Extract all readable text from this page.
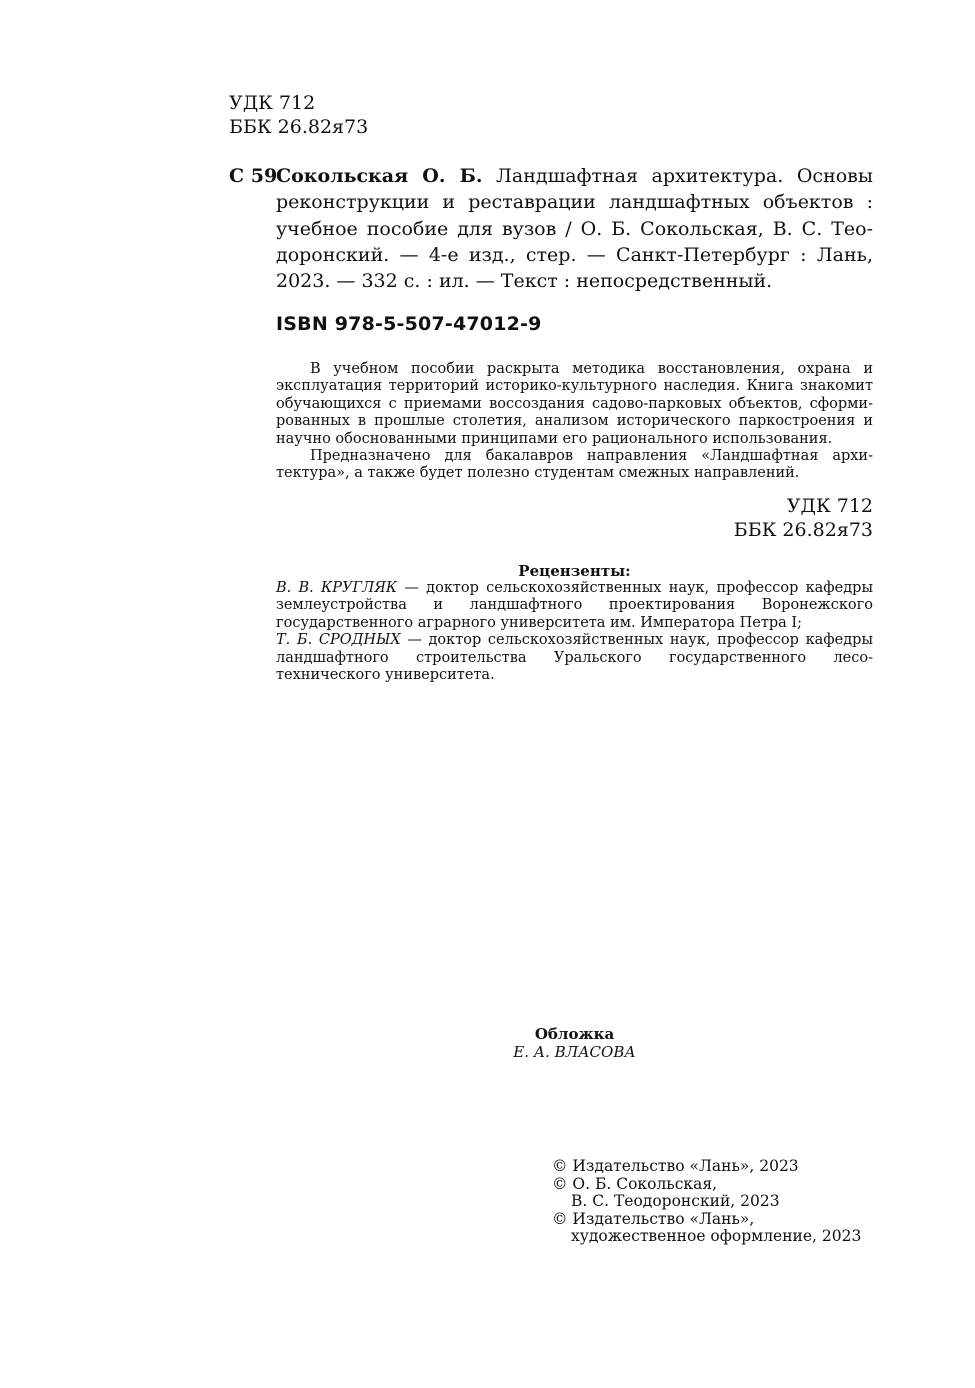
УДК 712
ББК 26.82я73
С 59
Сокольская О. Б. Ландшафтная архитектура. Основы
реконструкции и реставрации ландшафтных объектов :
учебное пособие для вузов / О. Б. Сокольская, В. С. Тео-
доронский. — 4-е изд., стер. — Санкт-Петербург : Лань,
2023. — 332 с. : ил. — Текст : непосредственный.
ISBN 978-5-507-47012-9
В учебном пособии раскрыта методика восстановления, охрана и
эксплуатация территорий историко-культурного наследия. Книга знакомит
обучающихся с приемами воссоздания садово-парковых объектов, сформи-
рованных в прошлые столетия, анализом исторического паркостроения и
научно обоснованными принципами его рационального использования.
Предназначено для бакалавров направления «Ландшафтная архи-
тектура», а также будет полезно студентам смежных направлений.
УДК 712
ББК 26.82я73
Рецензенты:
В. В. КРУГЛЯК — доктор сельскохозяйственных наук, профессор кафедры
землеустройства и ландшафтного проектирования Воронежского
государственного аграрного университета им. Императора Петра I;
Т. Б. СРОДНЫХ — доктор сельскохозяйственных наук, профессор кафедры
ландшафтного строительства Уральского государственного лесо-
технического университета.
Обложка
Е. А. ВЛАСОВА
© Издательство «Лань», 2023
© О. Б. Сокольская,
В. С. Теодоронский, 2023
© Издательство «Лань»,
художественное оформление, 2023
